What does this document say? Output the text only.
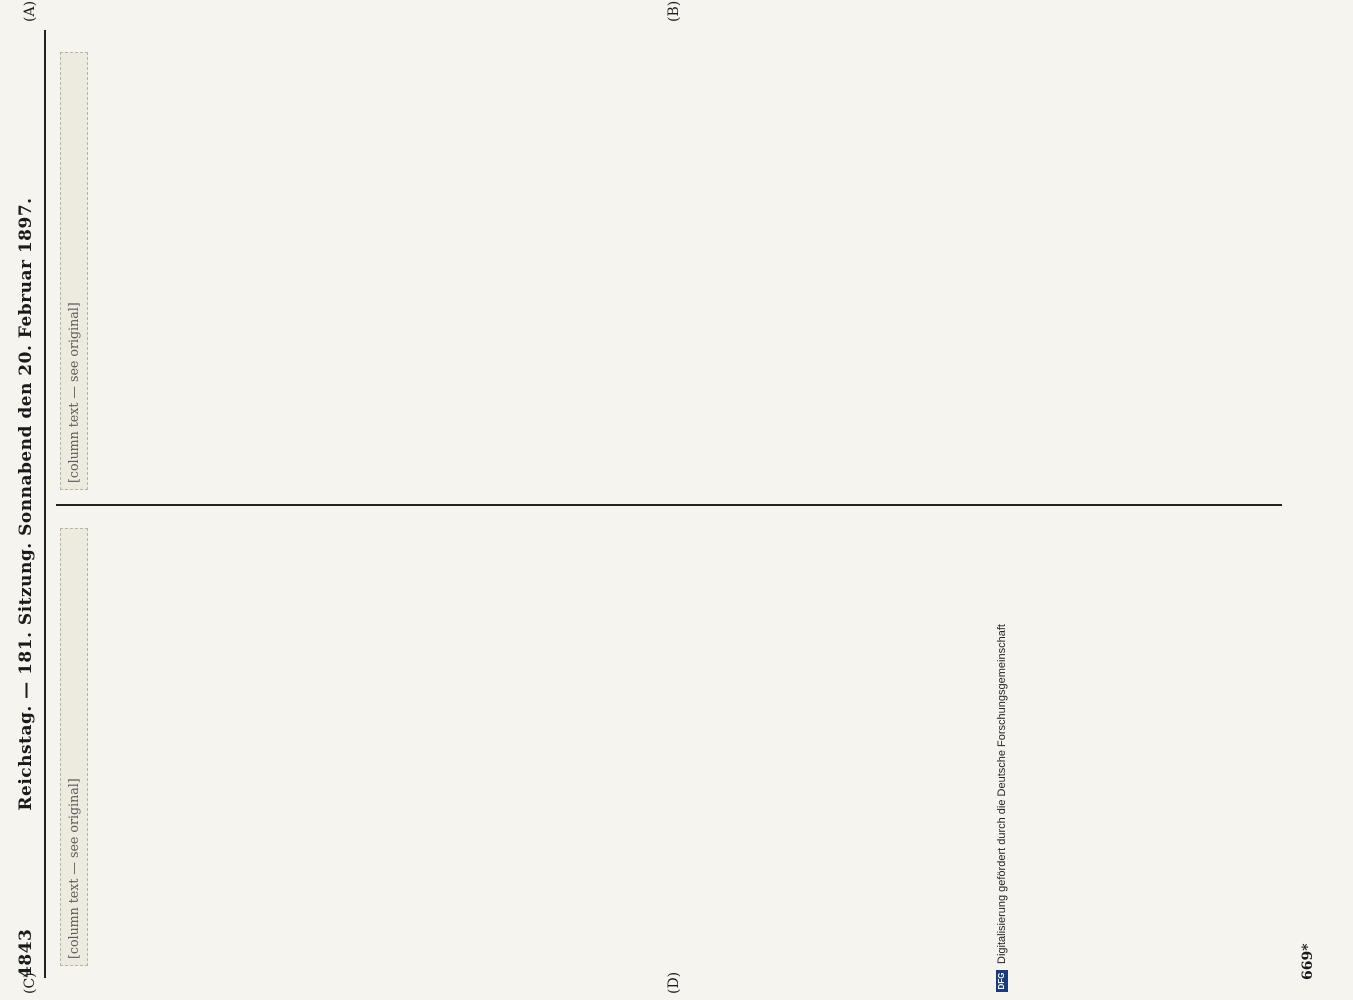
4843
Reichstag. — 181. Sitzung. Sonnabend den 20. Februar 1897.
(A)	(B)
(C)	(D)

[column text — see original]

[column text — see original]

669*
DFG
Digitalisierung gefördert durch die Deutsche Forschungsgemeinschaft
